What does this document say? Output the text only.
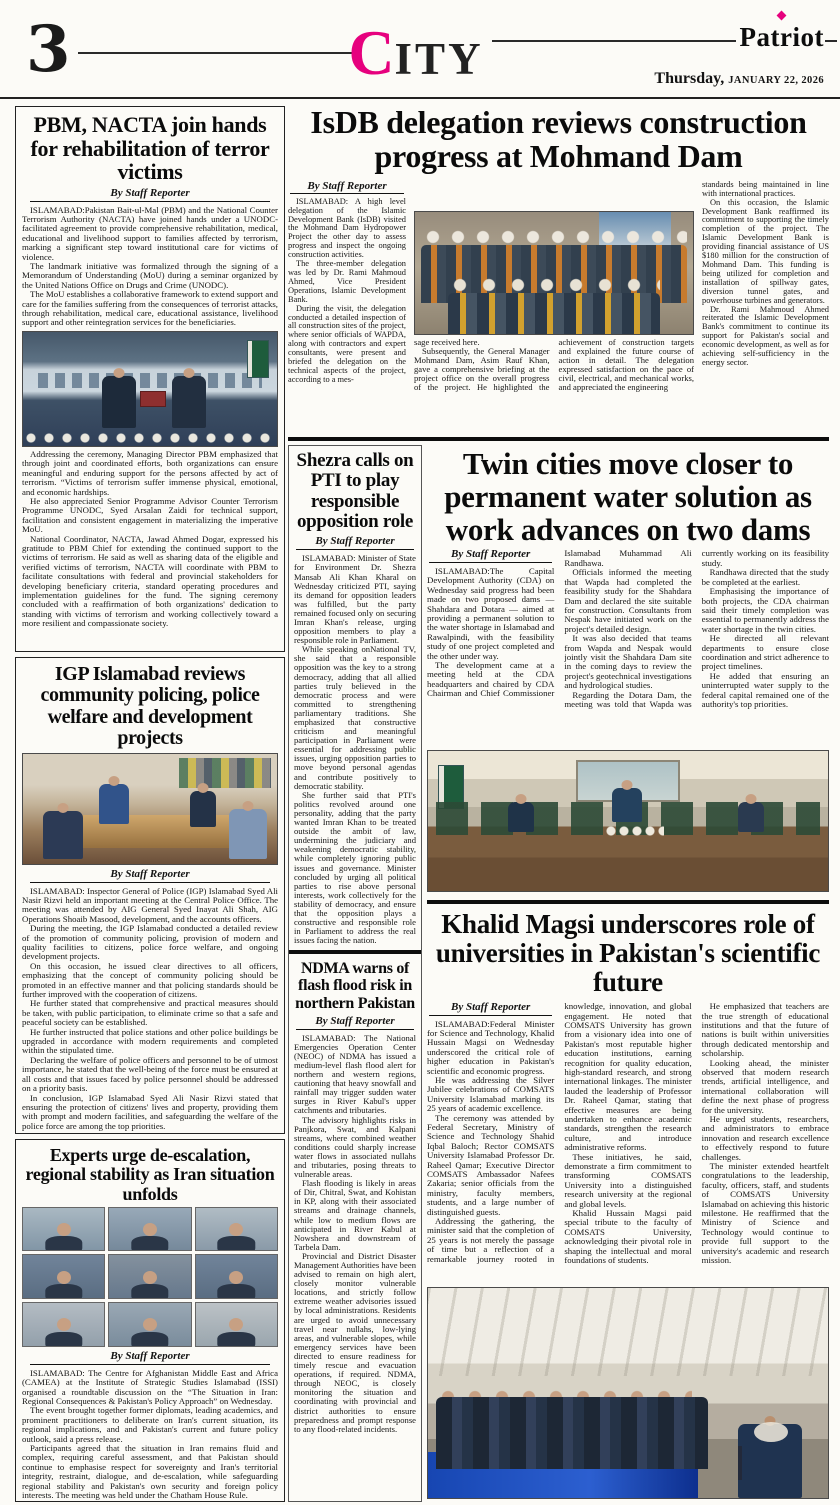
3	C ITY	Patriot
Thursday, JANUARY 22, 2026
PBM, NACTA join hands for rehabilitation of terror victims
By Staff Reporter

ISLAMABAD:Pakistan Bait-ul-Mal (PBM) and the National Counter Terrorism Authority (NACTA) have joined hands under a UNODC-facilitated agreement to provide comprehensive rehabilitation, medical, educational and livelihood support to families affected by terrorism, marking a significant step toward institutional care for victims of violence.

The landmark initiative was formalized through the signing of a Memorandum of Understanding (MoU) during a seminar organized by the United Nations Office on Drugs and Crime (UNODC).

The MoU establishes a collaborative framework to extend support and care for the families suffering from the consequences of terrorist attacks, through rehabilitation, medical care, educational assistance, livelihood support and other reintegration services for the beneficiaries.

Addressing the ceremony, Managing Director PBM emphasized that through joint and coordinated efforts, both organizations can ensure meaningful and enduring support for the persons affected by act of terrorism. “Victims of terrorism suffer immense physical, emotional, and economic hardships.

He also appreciated Senior Programme Advisor Counter Terrorism Programme UNODC, Syed Arsalan Zaidi for technical support, facilitation and consistent engagement in materializing the imperative MoU.

National Coordinator, NACTA, Jawad Ahmed Dogar, expressed his gratitude to PBM Chief for extending the continued support to the victims of terrorism. He said as well as sharing data of the eligible and verified victims of terrorism, NACTA will coordinate with PBM to facilitate consultations with federal and provincial stakeholders for developing beneficiary criteria, standard operating procedures and implementation guidelines for the fund. The signing ceremony concluded with a reaffirmation of both organizations' dedication to standing with victims of terrorism and working collectively toward a more resilient and compassionate society.

IGP Islamabad reviews community policing, police welfare and development projects
By Staff Reporter

ISLAMABAD: Inspector General of Police (IGP) Islamabad Syed Ali Nasir Rizvi held an important meeting at the Central Police Office. The meeting was attended by AIG General Syed Inayat Ali Shah, AIG Operations Shoaib Masood, development, and the accounts officers.

During the meeting, the IGP Islamabad conducted a detailed review of the promotion of community policing, provision of modern and quality facilities to citizens, police force welfare, and ongoing development projects.

On this occasion, he issued clear directives to all officers, emphasizing that the concept of community policing should be promoted in an effective manner and that policing standards should be further improved with the cooperation of citizens.

He further stated that comprehensive and practical measures should be taken, with public participation, to eliminate crime so that a safe and peaceful society can be established.

He further instructed that police stations and other police buildings be upgraded in accordance with modern requirements and completed within the stipulated time.

Declaring the welfare of police officers and personnel to be of utmost importance, he stated that the well-being of the force must be ensured at all costs and that issues faced by police personnel should be addressed on a priority basis.

In conclusion, IGP Islamabad Syed Ali Nasir Rizvi stated that ensuring the protection of citizens' lives and property, providing them with prompt and modern facilities, and safeguarding the welfare of the police force are among the top priorities.

Experts urge de-escalation, regional stability as Iran situation unfolds
By Staff Reporter

ISLAMABAD: The Centre for Afghanistan Middle East and Africa (CAMEA) at the Institute of Strategic Studies Islamabad (ISSI) organised a roundtable discussion on the “The Situation in Iran: Regional Consequences & Pakistan's Policy Approach” on Wednesday.

The event brought together former diplomats, leading academics, and prominent practitioners to deliberate on Iran's current situation, its regional implications, and and Pakistan's current and future policy outlook, said a press release.

Participants agreed that the situation in Iran remains fluid and complex, requiring careful assessment, and that Pakistan should continue to emphasise respect for sovereignty and Iran's territorial integrity, restraint, dialogue, and de-escalation, while safeguarding regional stability and Pakistan's own security and foreign policy interests. The meeting was held under the Chatham House Rule.

IsDB delegation reviews construction progress at Mohmand Dam
By Staff Reporter

ISLAMABAD: A high level delegation of the Islamic Development Bank (IsDB) visited the Mohmand Dam Hydropower Project the other day to assess progress and inspect the ongoing construction activities.

The three-member delegation was led by Dr. Rami Mahmoud Ahmed, Vice President Operations, Islamic Development Bank.

During the visit, the delegation conducted a detailed inspection of all construction sites of the project, where senior officials of WAPDA, along with contractors and expert consultants, were present and briefed the delegation on the technical aspects of the project, according to a mes-

sage received here.

Subsequently, the General Manager Mohmand Dam, Asim Rauf Khan, gave a comprehensive briefing at the project office on the overall progress of the project. He highlighted the achievement of construction targets and explained the future course of action in detail. The delegation expressed satisfaction on the pace of civil, electrical, and mechanical works, and appreciated the engineering

standards being maintained in line with international practices.

On this occasion, the Islamic Development Bank reaffirmed its commitment to supporting the timely completion of the project. The Islamic Development Bank is providing financial assistance of US $180 million for the construction of Mohmand Dam. This funding is being utilized for completion and installation of spillway gates, diversion tunnel gates, and powerhouse turbines and generators.

Dr. Rami Mahmoud Ahmed reiterated the Islamic Development Bank's commitment to continue its support for Pakistan's social and economic development, as well as for achieving self-sufficiency in the energy sector.

Shezra calls on PTI to play responsible opposition role
By Staff Reporter

ISLAMABAD: Minister of State for Environment Dr. Shezra Mansab Ali Khan Kharal on Wednesday criticized PTI, saying its demand for opposition leaders was fulfilled, but the party remained focused only on securing Imran Khan's release, urging opposition members to play a responsible role in Parliament.

While speaking onNational TV, she said that a responsible opposition was the key to a strong democracy, adding that all allied parties truly believed in the democratic process and were committed to strengthening parliamentary traditions. She emphasized that constructive criticism and meaningful participation in Parliament were essential for addressing public issues, urging opposition parties to move beyond personal agendas and contribute positively to democratic stability.

She further said that PTI's politics revolved around one personality, adding that the party wanted Imran Khan to be treated outside the ambit of law, undermining the judiciary and weakening democratic stability, while completely ignoring public issues and governance. Minister concluded by urging all political parties to rise above personal interests, work collectively for the stability of democracy, and ensure that the opposition plays a constructive and responsible role in Parliament to address the real issues facing the nation.

NDMA warns of flash flood risk in northern Pakistan
By Staff Reporter

ISLAMABAD: The National Emergencies Operation Center (NEOC) of NDMA has issued a medium-level flash flood alert for northern and western regions, cautioning that heavy snowfall and rainfall may trigger sudden water surges in River Kabul's upper catchments and tributaries.

The advisory highlights risks in Panjkora, Swat, and Kalpani streams, where combined weather conditions could sharply increase water flows in associated nullahs and tributaries, posing threats to vulnerable areas.

Flash flooding is likely in areas of Dir, Chitral, Swat, and Kohistan in KP, along with their associated streams and drainage channels, while low to medium flows are anticipated in River Kabul at Nowshera and downstream of Tarbela Dam.

Provincial and District Disaster Management Authorities have been advised to remain on high alert, closely monitor vulnerable locations, and strictly follow extreme weather advisories issued by local administrations. Residents are urged to avoid unnecessary travel near nullahs, low-lying areas, and vulnerable slopes, while emergency services have been directed to ensure readiness for timely rescue and evacuation operations, if required. NDMA, through NEOC, is closely monitoring the situation and coordinating with provincial and district authorities to ensure preparedness and prompt response to any flood-related incidents.

Twin cities move closer to permanent water solution as work advances on two dams
By Staff Reporter

ISLAMABAD:The Capital Development Authority (CDA) on Wednesday said progress had been made on two proposed dams — Shahdara and Dotara — aimed at providing a permanent solution to the water shortage in Islamabad and Rawalpindi, with the feasibility study of one project completed and the other under way.

The development came at a meeting held at the CDA headquarters and chaired by CDA Chairman and Chief Commissioner Islamabad Muhammad Ali Randhawa.

Officials informed the meeting that Wapda had completed the feasibility study for the Shahdara Dam and declared the site suitable for construction. Consultants from Nespak have initiated work on the project's detailed design.

It was also decided that teams from Wapda and Nespak would jointly visit the Shahdara Dam site in the coming days to review the project's geotechnical investigations and hydrological studies.

Regarding the Dotara Dam, the meeting was told that Wapda was currently working on its feasibility study.

Randhawa directed that the study be completed at the earliest.

Emphasising the importance of both projects, the CDA chairman said their timely completion was essential to permanently address the water shortage in the twin cities.

He directed all relevant departments to ensure close coordination and strict adherence to project timelines.

He added that ensuring an uninterrupted water supply to the federal capital remained one of the authority's top priorities.

Khalid Magsi underscores role of universities in Pakistan's scientific future
By Staff Reporter

ISLAMABAD:Federal Minister for Science and Technology, Khalid Hussain Magsi on Wednesday underscored the critical role of higher education in Pakistan's scientific and economic progress.

He was addressing the Silver Jubilee celebrations of COMSATS University Islamabad marking its 25 years of academic excellence.

The ceremony was attended by Federal Secretary, Ministry of Science and Technology Shahid Iqbal Baloch; Rector COMSATS University Islamabad Professor Dr. Raheel Qamar; Executive Director COMSATS Ambassador Nafees Zakaria; senior officials from the ministry, faculty members, students, and a large number of distinguished guests.

Addressing the gathering, the minister said that the completion of 25 years is not merely the passage of time but a reflection of a remarkable journey rooted in knowledge, innovation, and global engagement. He noted that COMSATS University has grown from a visionary idea into one of Pakistan's most reputable higher education institutions, earning recognition for quality education, high-standard research, and strong international linkages. The minister lauded the leadership of Professor Dr. Raheel Qamar, stating that effective measures are being undertaken to enhance academic standards, strengthen the research culture, and introduce administrative reforms.

These initiatives, he said, demonstrate a firm commitment to transforming COMSATS University into a distinguished research university at the regional and global levels.

Khalid Hussain Magsi paid special tribute to the faculty of COMSATS University, acknowledging their pivotal role in shaping the intellectual and moral foundations of students.

He emphasized that teachers are the true strength of educational institutions and that the future of nations is built within universities through dedicated mentorship and scholarship.

Looking ahead, the minister observed that modern research trends, artificial intelligence, and international collaboration will define the next phase of progress for the university.

He urged students, researchers, and administrators to embrace innovation and research excellence to effectively respond to future challenges.

The minister extended heartfelt congratulations to the leadership, faculty, officers, staff, and students of COMSATS University Islamabad on achieving this historic milestone. He reaffirmed that the Ministry of Science and Technology would continue to provide full support to the university's academic and research mission.
